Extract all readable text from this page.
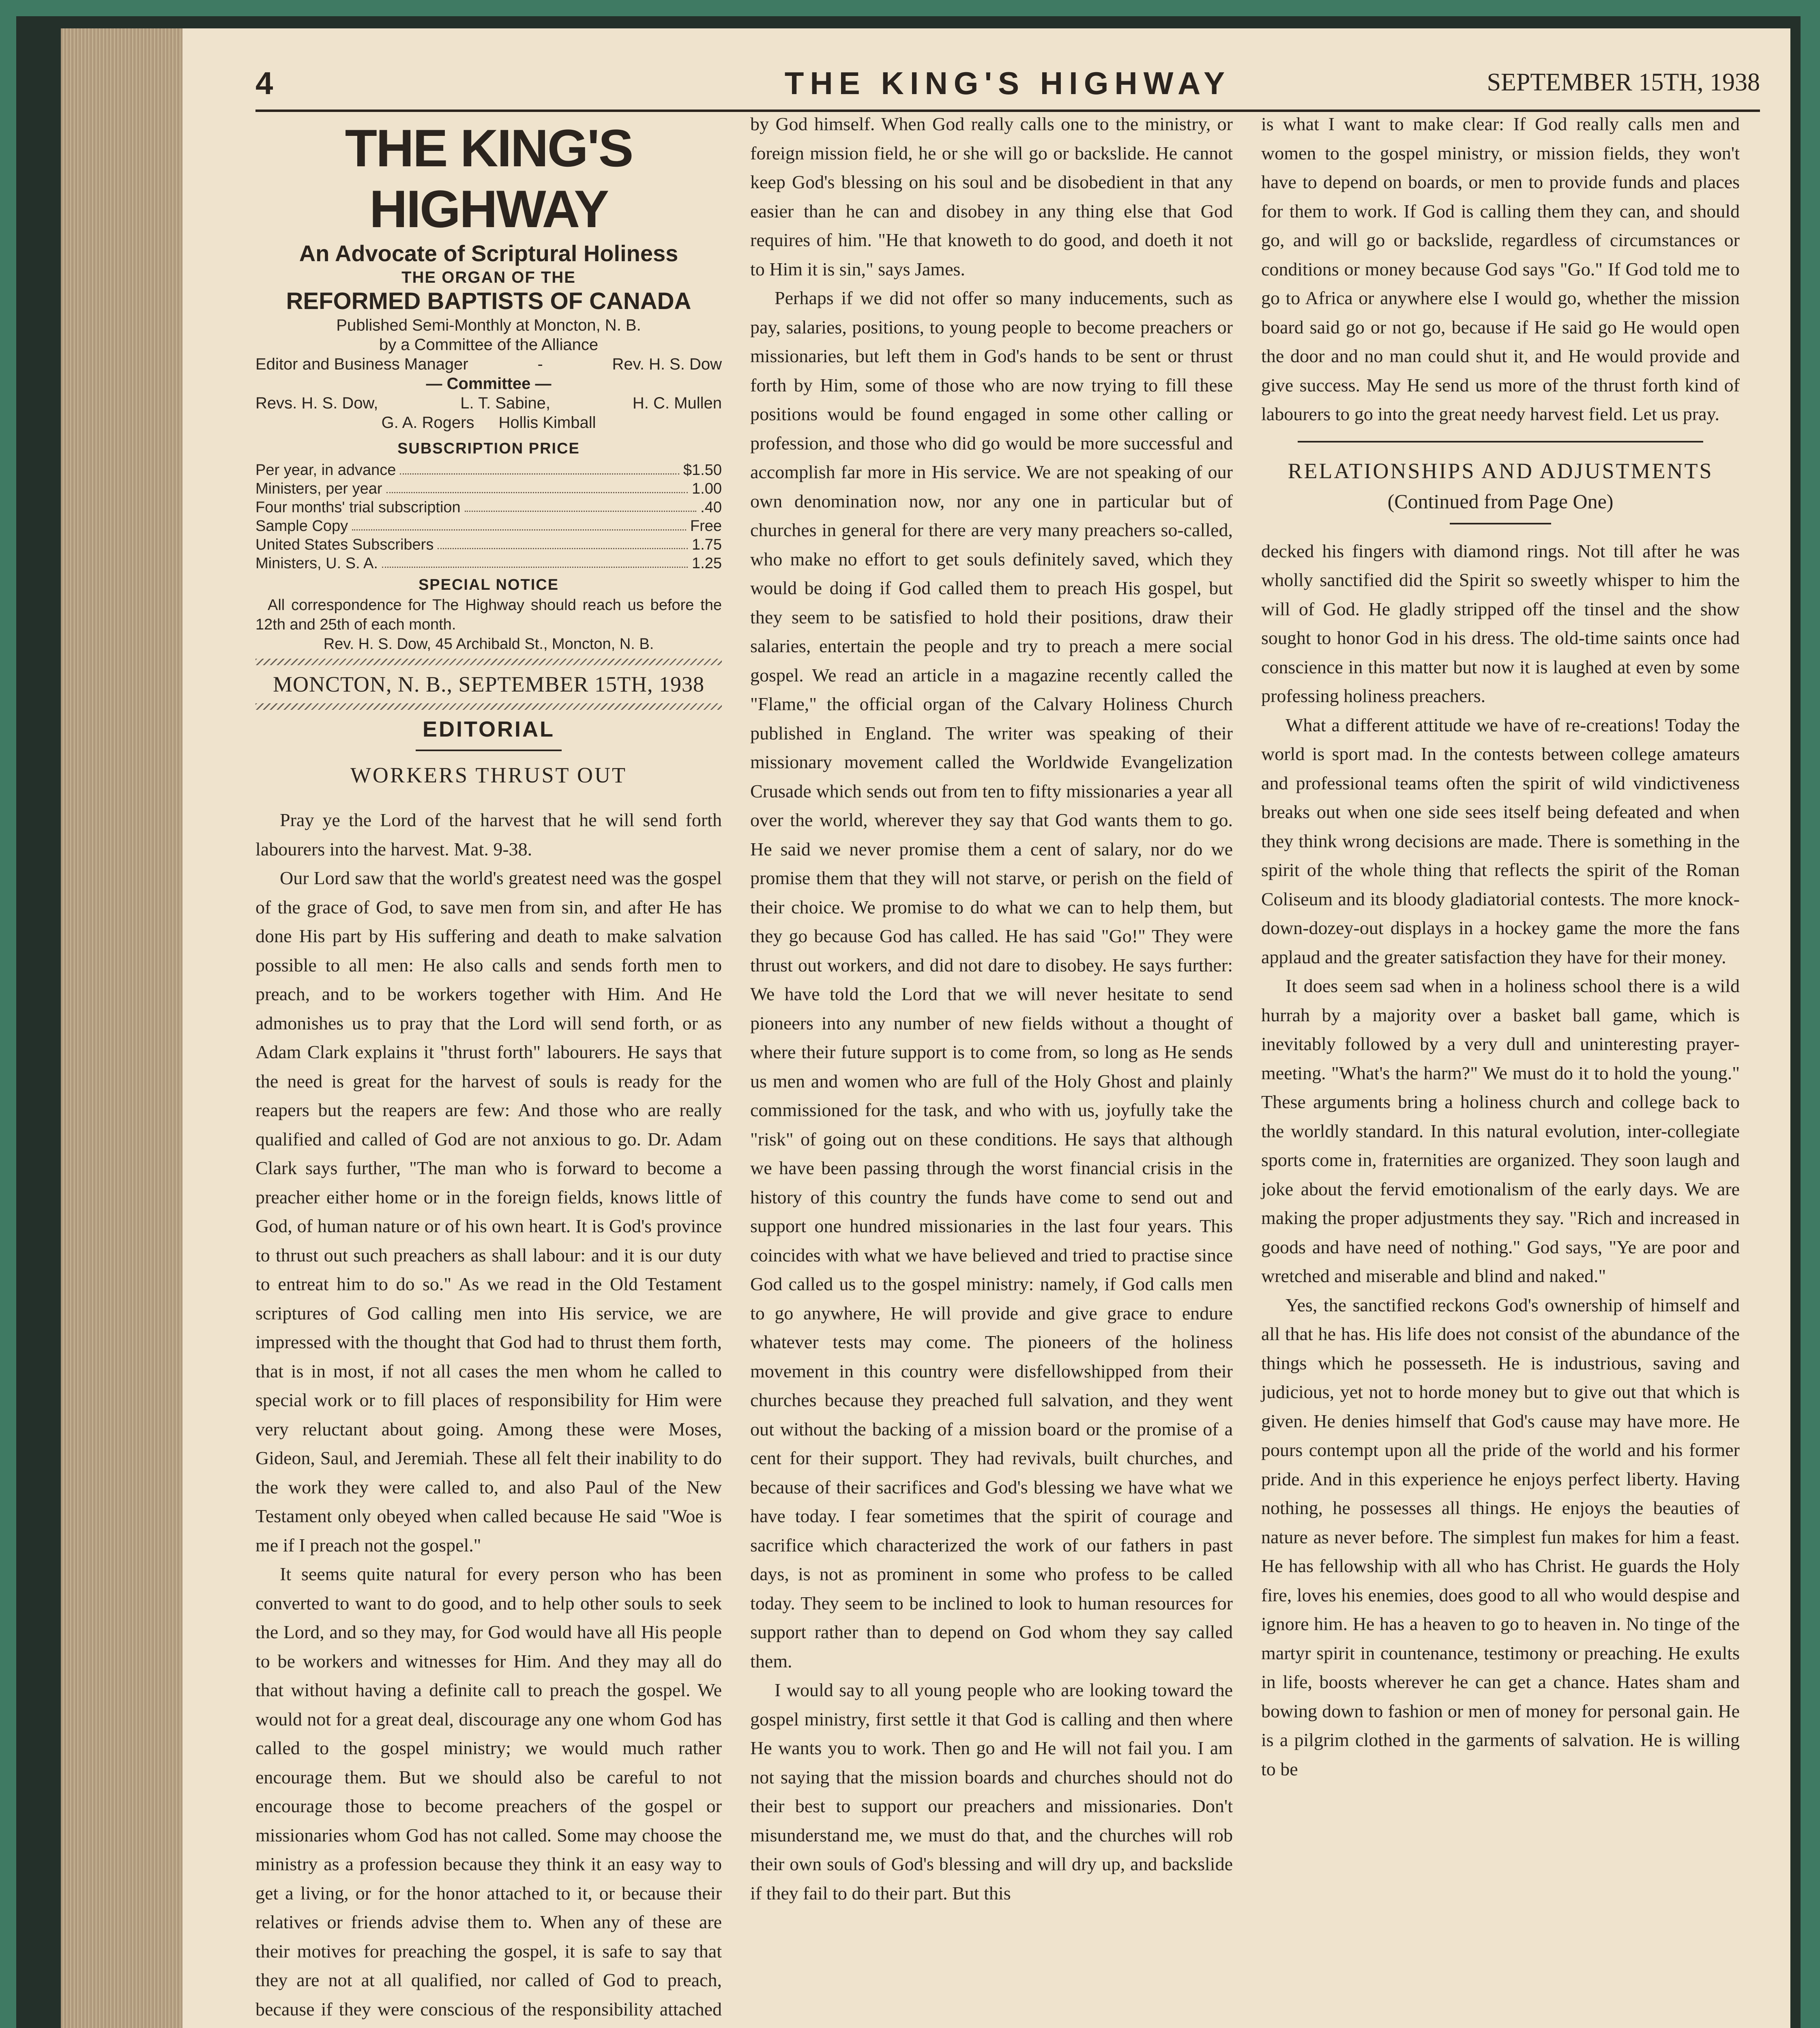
4	THE KING'S HIGHWAY	SEPTEMBER 15TH, 1938
THE KING'S HIGHWAY
An Advocate of Scriptural Holiness
THE ORGAN OF THE
REFORMED BAPTISTS OF CANADA
Published Semi-Monthly at Moncton, N. B.
by a Committee of the Alliance
Editor and Business Manager	-	Rev. H. S. Dow
— Committee —
Revs. H. S. Dow,	L. T. Sabine,	H. C. Mullen
G. A. Rogers Hollis Kimball
SUBSCRIPTION PRICE
Per year, in advance	$1.50
Ministers, per year	1.00
Four months' trial subscription	.40
Sample Copy	Free
United States Subscribers	1.75
Ministers, U. S. A.	1.25
SPECIAL NOTICE
All correspondence for The Highway should reach us before the 12th and 25th of each month.
Rev. H. S. Dow, 45 Archibald St., Moncton, N. B.
MONCTON, N. B., SEPTEMBER 15TH, 1938
EDITORIAL
WORKERS THRUST OUT

Pray ye the Lord of the harvest that he will send forth labourers into the harvest. Mat. 9-38.

Our Lord saw that the world's greatest need was the gospel of the grace of God, to save men from sin, and after He has done His part by His suffering and death to make salvation possible to all men: He also calls and sends forth men to preach, and to be workers together with Him. And He admonishes us to pray that the Lord will send forth, or as Adam Clark explains it "thrust forth" labourers. He says that the need is great for the harvest of souls is ready for the reapers but the reapers are few: And those who are really qualified and called of God are not anxious to go. Dr. Adam Clark says further, "The man who is forward to become a preacher either home or in the foreign fields, knows little of God, of human nature or of his own heart. It is God's province to thrust out such preachers as shall labour: and it is our duty to entreat him to do so." As we read in the Old Testament scriptures of God calling men into His service, we are impressed with the thought that God had to thrust them forth, that is in most, if not all cases the men whom he called to special work or to fill places of responsibility for Him were very reluctant about going. Among these were Moses, Gideon, Saul, and Jeremiah. These all felt their inability to do the work they were called to, and also Paul of the New Testament only obeyed when called because He said "Woe is me if I preach not the gospel."

It seems quite natural for every person who has been converted to want to do good, and to help other souls to seek the Lord, and so they may, for God would have all His people to be workers and witnesses for Him. And they may all do that without having a definite call to preach the gospel. We would not for a great deal, discourage any one whom God has called to the gospel ministry; we would much rather encourage them. But we should also be careful to not encourage those to become preachers of the gospel or missionaries whom God has not called. Some may choose the ministry as a profession because they think it an easy way to get a living, or for the honor attached to it, or because their relatives or friends advise them to. When any of these are their motives for preaching the gospel, it is safe to say that they are not at all qualified, nor called of God to preach, because if they were conscious of the responsibility attached

by God himself. When God really calls one to the ministry, or foreign mission field, he or she will go or backslide. He cannot keep God's blessing on his soul and be disobedient in that any easier than he can and disobey in any thing else that God requires of him. "He that knoweth to do good, and doeth it not to Him it is sin," says James.

Perhaps if we did not offer so many inducements, such as pay, salaries, positions, to young people to become preachers or missionaries, but left them in God's hands to be sent or thrust forth by Him, some of those who are now trying to fill these positions would be found engaged in some other calling or profession, and those who did go would be more successful and accomplish far more in His service. We are not speaking of our own denomination now, nor any one in particular but of churches in general for there are very many preachers so-called, who make no effort to get souls definitely saved, which they would be doing if God called them to preach His gospel, but they seem to be satisfied to hold their positions, draw their salaries, entertain the people and try to preach a mere social gospel. We read an article in a magazine recently called the "Flame," the official organ of the Calvary Holiness Church published in England. The writer was speaking of their missionary movement called the Worldwide Evangelization Crusade which sends out from ten to fifty missionaries a year all over the world, wherever they say that God wants them to go. He said we never promise them a cent of salary, nor do we promise them that they will not starve, or perish on the field of their choice. We promise to do what we can to help them, but they go because God has called. He has said "Go!" They were thrust out workers, and did not dare to disobey. He says further: We have told the Lord that we will never hesitate to send pioneers into any number of new fields without a thought of where their future support is to come from, so long as He sends us men and women who are full of the Holy Ghost and plainly commissioned for the task, and who with us, joyfully take the "risk" of going out on these conditions. He says that although we have been passing through the worst financial crisis in the history of this country the funds have come to send out and support one hundred missionaries in the last four years. This coincides with what we have believed and tried to practise since God called us to the gospel ministry: namely, if God calls men to go anywhere, He will provide and give grace to endure whatever tests may come. The pioneers of the holiness movement in this country were disfellowshipped from their churches because they preached full salvation, and they went out without the backing of a mission board or the promise of a cent for their support. They had revivals, built churches, and because of their sacrifices and God's blessing we have what we have today. I fear sometimes that the spirit of courage and sacrifice which characterized the work of our fathers in past days, is not as prominent in some who profess to be called today. They seem to be inclined to look to human resources for support rather than to depend on God whom they say called them.

I would say to all young people who are looking toward the gospel ministry, first settle it that God is calling and then where He wants you to work. Then go and He will not fail you. I am not saying that the mission boards and churches should not do their best to support our preachers and missionaries. Don't misunderstand me, we must do that, and the churches will rob their own souls of God's blessing and will dry up, and backslide if they fail to do their part. But this

is what I want to make clear: If God really calls men and women to the gospel ministry, or mission fields, they won't have to depend on boards, or men to provide funds and places for them to work. If God is calling them they can, and should go, and will go or backslide, regardless of circumstances or conditions or money because God says "Go." If God told me to go to Africa or anywhere else I would go, whether the mission board said go or not go, because if He said go He would open the door and no man could shut it, and He would provide and give success. May He send us more of the thrust forth kind of labourers to go into the great needy harvest field. Let us pray.

RELATIONSHIPS AND ADJUSTMENTS
(Continued from Page One)

decked his fingers with diamond rings. Not till after he was wholly sanctified did the Spirit so sweetly whisper to him the will of God. He gladly stripped off the tinsel and the show sought to honor God in his dress. The old-time saints once had conscience in this matter but now it is laughed at even by some professing holiness preachers.

What a different attitude we have of re-creations! Today the world is sport mad. In the contests between college amateurs and professional teams often the spirit of wild vindictiveness breaks out when one side sees itself being defeated and when they think wrong decisions are made. There is something in the spirit of the whole thing that reflects the spirit of the Roman Coliseum and its bloody gladiatorial contests. The more knock-down-dozey-out displays in a hockey game the more the fans applaud and the greater satisfaction they have for their money.

It does seem sad when in a holiness school there is a wild hurrah by a majority over a basket ball game, which is inevitably followed by a very dull and uninteresting prayer-meeting. "What's the harm?" We must do it to hold the young." These arguments bring a holiness church and college back to the worldly standard. In this natural evolution, inter-collegiate sports come in, fraternities are organized. They soon laugh and joke about the fervid emotionalism of the early days. We are making the proper adjustments they say. "Rich and increased in goods and have need of nothing." God says, "Ye are poor and wretched and miserable and blind and naked."

Yes, the sanctified reckons God's ownership of himself and all that he has. His life does not consist of the abundance of the things which he possesseth. He is industrious, saving and judicious, yet not to horde money but to give out that which is given. He denies himself that God's cause may have more. He pours contempt upon all the pride of the world and his former pride. And in this experience he enjoys perfect liberty. Having nothing, he possesses all things. He enjoys the beauties of nature as never before. The simplest fun makes for him a feast. He has fellowship with all who has Christ. He guards the Holy fire, loves his enemies, does good to all who would despise and ignore him. He has a heaven to go to heaven in. No tinge of the martyr spirit in countenance, testimony or preaching. He exults in life, boosts wherever he can get a chance. Hates sham and bowing down to fashion or men of money for personal gain. He is a pilgrim clothed in the garments of salvation. He is willing to be
